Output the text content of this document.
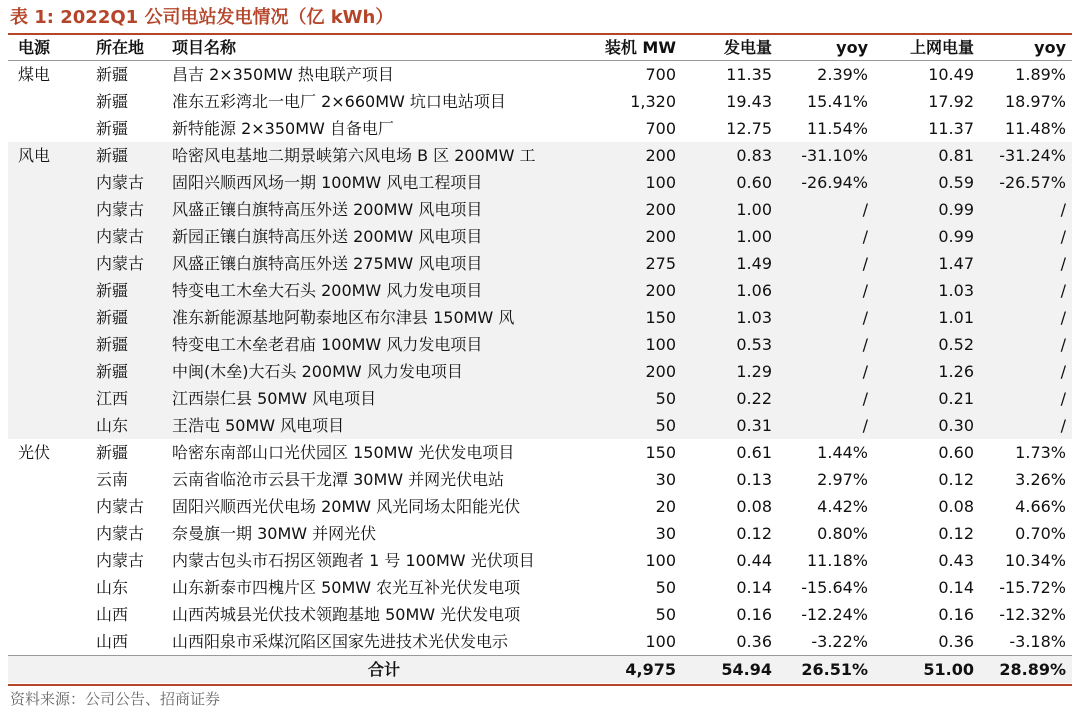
表 1: 2022Q1 公司电站发电情况（亿 kWh）
电源	所在地	项目名称	装机 MW	发电量	yoy	上网电量	yoy
煤电	新疆	昌吉 2×350MW 热电联产项目	700	11.35	2.39%	10.49	1.89%
	新疆	准东五彩湾北一电厂 2×660MW 坑口电站项目	1,320	19.43	15.41%	17.92	18.97%
	新疆	新特能源 2×350MW 自备电厂	700	12.75	11.54%	11.37	11.48%
风电	新疆	哈密风电基地二期景峡第六风电场 B 区 200MW 工	200	0.83	-31.10%	0.81	-31.24%
	内蒙古	固阳兴顺西风场一期 100MW 风电工程项目	100	0.60	-26.94%	0.59	-26.57%
	内蒙古	风盛正镶白旗特高压外送 200MW 风电项目	200	1.00	/	0.99	/
	内蒙古	新园正镶白旗特高压外送 200MW 风电项目	200	1.00	/	0.99	/
	内蒙古	风盛正镶白旗特高压外送 275MW 风电项目	275	1.49	/	1.47	/
	新疆	特变电工木垒大石头 200MW 风力发电项目	200	1.06	/	1.03	/
	新疆	准东新能源基地阿勒泰地区布尔津县 150MW 风	150	1.03	/	1.01	/
	新疆	特变电工木垒老君庙 100MW 风力发电项目	100	0.53	/	0.52	/
	新疆	中闽(木垒)大石头 200MW 风力发电项目	200	1.29	/	1.26	/
	江西	江西崇仁县 50MW 风电项目	50	0.22	/	0.21	/
	山东	王浩屯 50MW 风电项目	50	0.31	/	0.30	/
光伏	新疆	哈密东南部山口光伏园区 150MW 光伏发电项目	150	0.61	1.44%	0.60	1.73%
	云南	云南省临沧市云县干龙潭 30MW 并网光伏电站	30	0.13	2.97%	0.12	3.26%
	内蒙古	固阳兴顺西光伏电场 20MW 风光同场太阳能光伏	20	0.08	4.42%	0.08	4.66%
	内蒙古	奈曼旗一期 30MW 并网光伏	30	0.12	0.80%	0.12	0.70%
	内蒙古	内蒙古包头市石拐区领跑者 1 号 100MW 光伏项目	100	0.44	11.18%	0.43	10.34%
	山东	山东新泰市四槐片区 50MW 农光互补光伏发电项	50	0.14	-15.64%	0.14	-15.72%
	山西	山西芮城县光伏技术领跑基地 50MW 光伏发电项	50	0.16	-12.24%	0.16	-12.32%
	山西	山西阳泉市采煤沉陷区国家先进技术光伏发电示	100	0.36	-3.22%	0.36	-3.18%
		合计	4,975	54.94	26.51%	51.00	28.89%
资料来源：公司公告、招商证券
